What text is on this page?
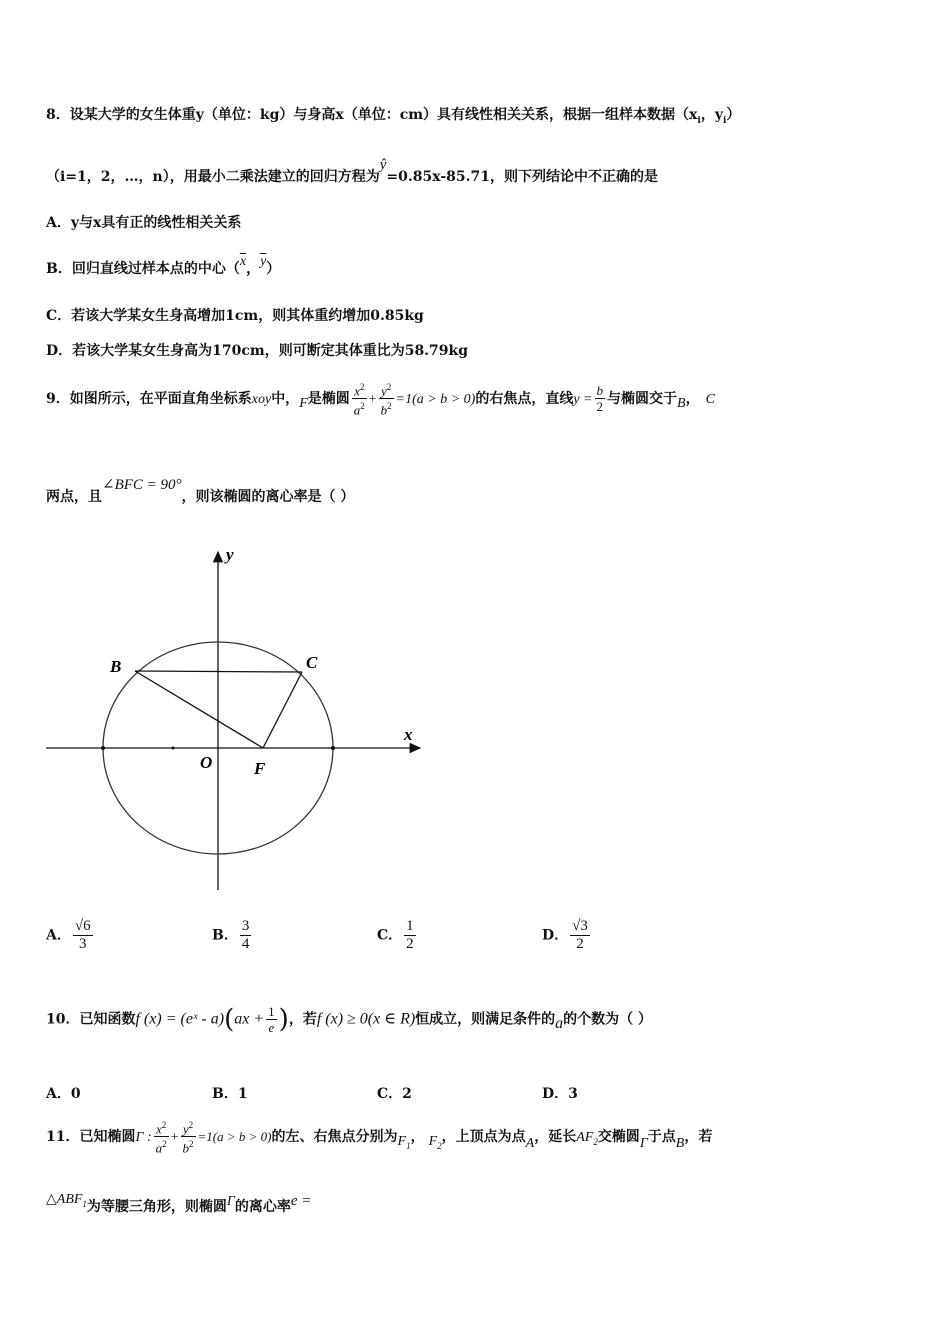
8．设某大学的女生体重y（单位：kg）与身高x（单位：cm）具有线性相关关系，根据一组样本数据（$x_i$，$y_i$）
（i=1，2，…，n），用最小二乘法建立的回归方程为ŷ=0.85x-85.71，则下列结论中不正确的是
A．y与x具有正的线性相关关系
B．回归直线过样本点的中心（$\overline{x}$，$\overline{y}$）
C．若该大学某女生身高增加1cm，则其体重约增加0.85kg
D．若该大学某女生身高为170cm，则可断定其体重比为58.79kg
9．如图所示，在平面直角坐标系xoy中，F是椭圆 $\frac{x^2}{a^2} + \frac{y^2}{b^2} =1(a > b > 0)$的右焦点，直线$y = \frac{b}{2}$ 与椭圆交于B， C
两点，且∠BFC = 90°，则该椭圆的离心率是（ ）
x
y
O
B	C
F
A． $\frac{√6}{3}$	B． $\frac{3}{4}$	C． $\frac{1}{2}$	D． $\frac{√3}{2}$
10．已知函数f (x) = (eˣ - $a)(ax + \frac{1}{e}$ )，若f (x) ≥ 0(x ∈ R)恒成立，则满足条件的a的个数为（ ）
A．0	B．1	C．2	D．3
11．已知椭圆Γ : $\frac{x^2}{a^2} + \frac{y^2}{b^2} =1(a > b > 0)$的左、右焦点分别为$F_1$， $F_2$，上顶点为点A，延长$AF_2$交椭圆Γ于点B，若
$\triangle ABF_1$为等腰三角形，则椭圆Γ的离心率e =
